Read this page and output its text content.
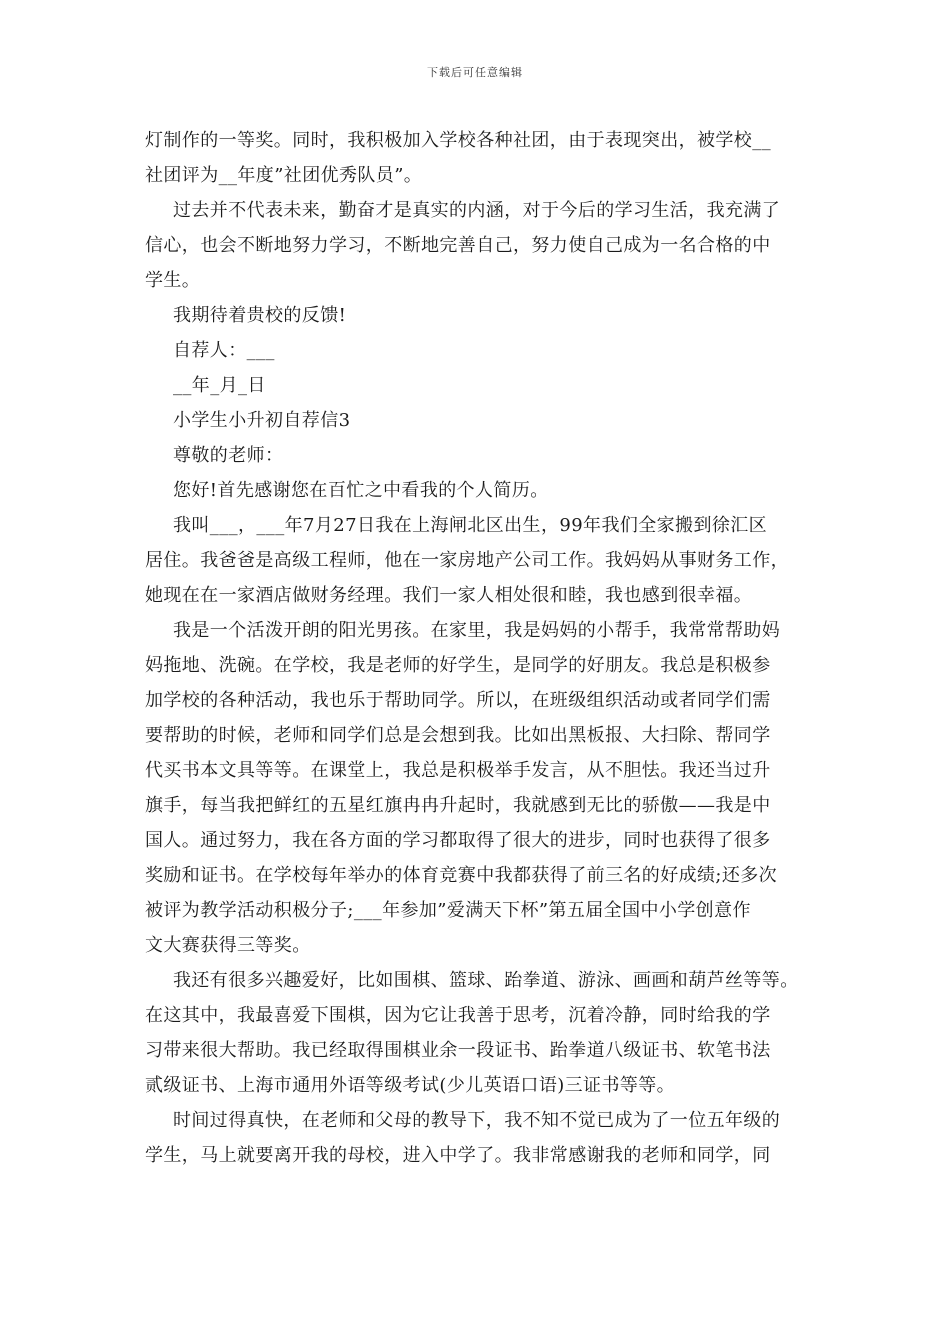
下载后可任意编辑
灯制作的一等奖。同时，我积极加入学校各种社团，由于表现突出，被学校__
社团评为__年度”社团优秀队员”。
过去并不代表未来，勤奋才是真实的内涵，对于今后的学习生活，我充满了
信心，也会不断地努力学习，不断地完善自己，努力使自己成为一名合格的中
学生。
我期待着贵校的反馈!
自荐人：___
__年_月_日
小学生小升初自荐信3
尊敬的老师：
您好!首先感谢您在百忙之中看我的个人简历。
我叫___，___年7月27日我在上海闸北区出生，99年我们全家搬到徐汇区
居住。我爸爸是高级工程师，他在一家房地产公司工作。我妈妈从事财务工作，
她现在在一家酒店做财务经理。我们一家人相处很和睦，我也感到很幸福。
我是一个活泼开朗的阳光男孩。在家里，我是妈妈的小帮手，我常常帮助妈
妈拖地、洗碗。在学校，我是老师的好学生，是同学的好朋友。我总是积极参
加学校的各种活动，我也乐于帮助同学。所以，在班级组织活动或者同学们需
要帮助的时候，老师和同学们总是会想到我。比如出黑板报、大扫除、帮同学
代买书本文具等等。在课堂上，我总是积极举手发言，从不胆怯。我还当过升
旗手，每当我把鲜红的五星红旗冉冉升起时，我就感到无比的骄傲——我是中
国人。通过努力，我在各方面的学习都取得了很大的进步，同时也获得了很多
奖励和证书。在学校每年举办的体育竞赛中我都获得了前三名的好成绩;还多次
被评为教学活动积极分子;___年参加”爱满天下杯”第五届全国中小学创意作
文大赛获得三等奖。
我还有很多兴趣爱好，比如围棋、篮球、跆拳道、游泳、画画和葫芦丝等等。
在这其中，我最喜爱下围棋，因为它让我善于思考，沉着冷静，同时给我的学
习带来很大帮助。我已经取得围棋业余一段证书、跆拳道八级证书、软笔书法
贰级证书、上海市通用外语等级考试(少儿英语口语)三证书等等。
时间过得真快，在老师和父母的教导下，我不知不觉已成为了一位五年级的
学生，马上就要离开我的母校，进入中学了。我非常感谢我的老师和同学，同
